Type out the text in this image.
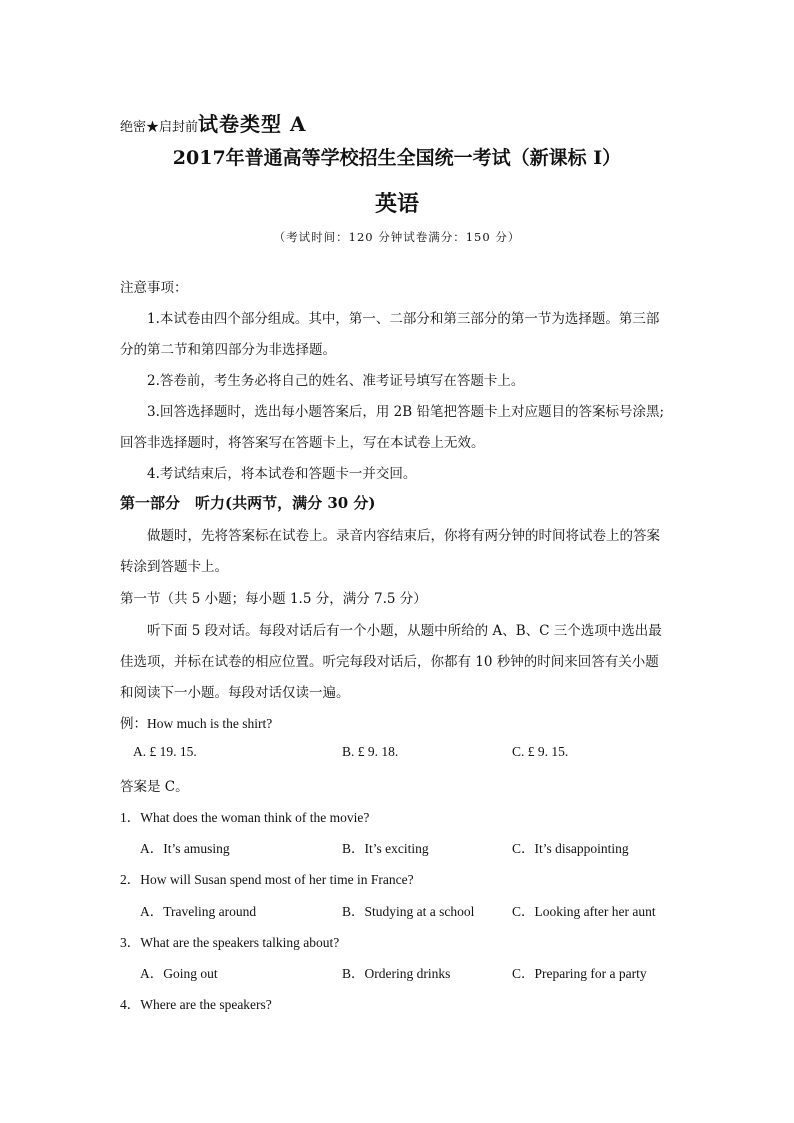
绝密★启封前试卷类型 A
2017年普通高等学校招生全国统一考试（新课标 I）
英语
（考试时间：120 分钟试卷满分：150 分）
注意事项：
1.本试卷由四个部分组成。其中，第一、二部分和第三部分的第一节为选择题。第三部
分的第二节和第四部分为非选择题。
2.答卷前，考生务必将自己的姓名、准考证号填写在答题卡上。
3.回答选择题时，选出每小题答案后，用 2B 铅笔把答题卡上对应题目的答案标号涂黑;
回答非选择题时，将答案写在答题卡上，写在本试卷上无效。
4.考试结束后，将本试卷和答题卡一并交回。
第一部分　听力(共两节，满分 30 分)
做题时，先将答案标在试卷上。录音内容结束后，你将有两分钟的时间将试卷上的答案
转涂到答题卡上。
第一节（共 5 小题；每小题 1.5 分，满分 7.5 分）
听下面 5 段对话。每段对话后有一个小题，从题中所给的 A、B、C 三个选项中选出最
佳选项，并标在试卷的相应位置。听完每段对话后，你都有 10 秒钟的时间来回答有关小题
和阅读下一小题。每段对话仅读一遍。
例：How much is the shirt?
A. £ 19. 15.	B. £ 9. 18.	C. £ 9. 15.
答案是 C。
1．What does the woman think of the movie?
A．It’s amusing	B．It’s exciting	C．It’s disappointing
2．How will Susan spend most of her time in France?
A．Traveling around	B．Studying at a school	C．Looking after her aunt
3．What are the speakers talking about?
A．Going out	B．Ordering drinks	C．Preparing for a party
4．Where are the speakers?
